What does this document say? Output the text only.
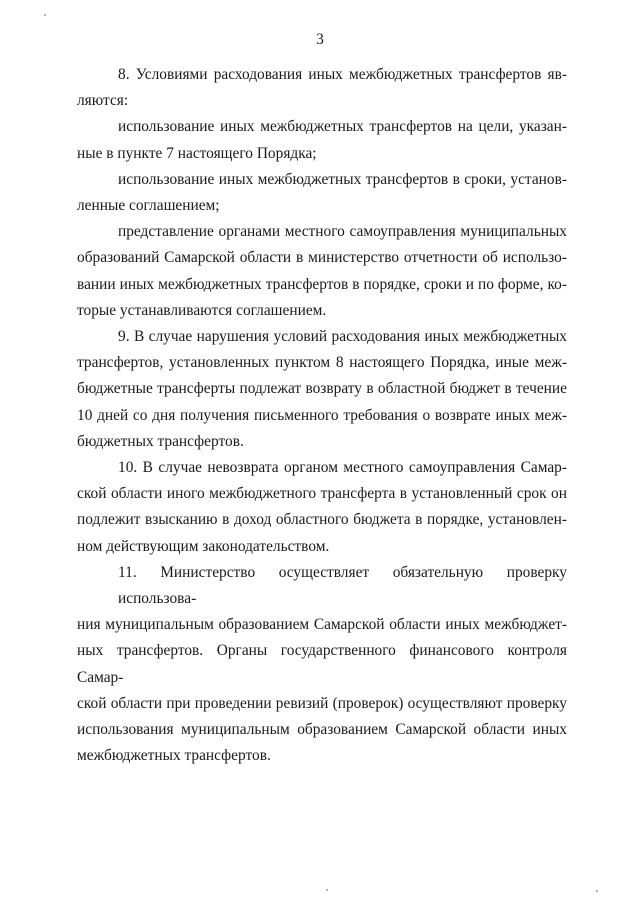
3

8. Условиями расходования иных межбюджетных трансфертов яв-
ляются:

использование иных межбюджетных трансфертов на цели, указан-
ные в пункте 7 настоящего Порядка;

использование иных межбюджетных трансфертов в сроки, установ-
ленные соглашением;

представление органами местного самоуправления муниципальных
образований Самарской области в министерство отчетности об использо-
вании иных межбюджетных трансфертов в порядке, сроки и по форме, ко-
торые устанавливаются соглашением.

9. В случае нарушения условий расходования иных межбюджетных
трансфертов, установленных пунктом 8 настоящего Порядка, иные меж-
бюджетные трансферты подлежат возврату в областной бюджет в течение
10 дней со дня получения письменного требования о возврате иных меж-
бюджетных трансфертов.

10. В случае невозврата органом местного самоуправления Самар-
ской области иного межбюджетного трансферта в установленный срок он
подлежит взысканию в доход областного бюджета в порядке, установлен-
ном действующим законодательством.

11. Министерство осуществляет обязательную проверку использова-
ния муниципальным образованием Самарской области иных межбюджет-
ных трансфертов. Органы государственного финансового контроля Самар-
ской области при проведении ревизий (проверок) осуществляют проверку
использования муниципальным образованием Самарской области иных
межбюджетных трансфертов.
